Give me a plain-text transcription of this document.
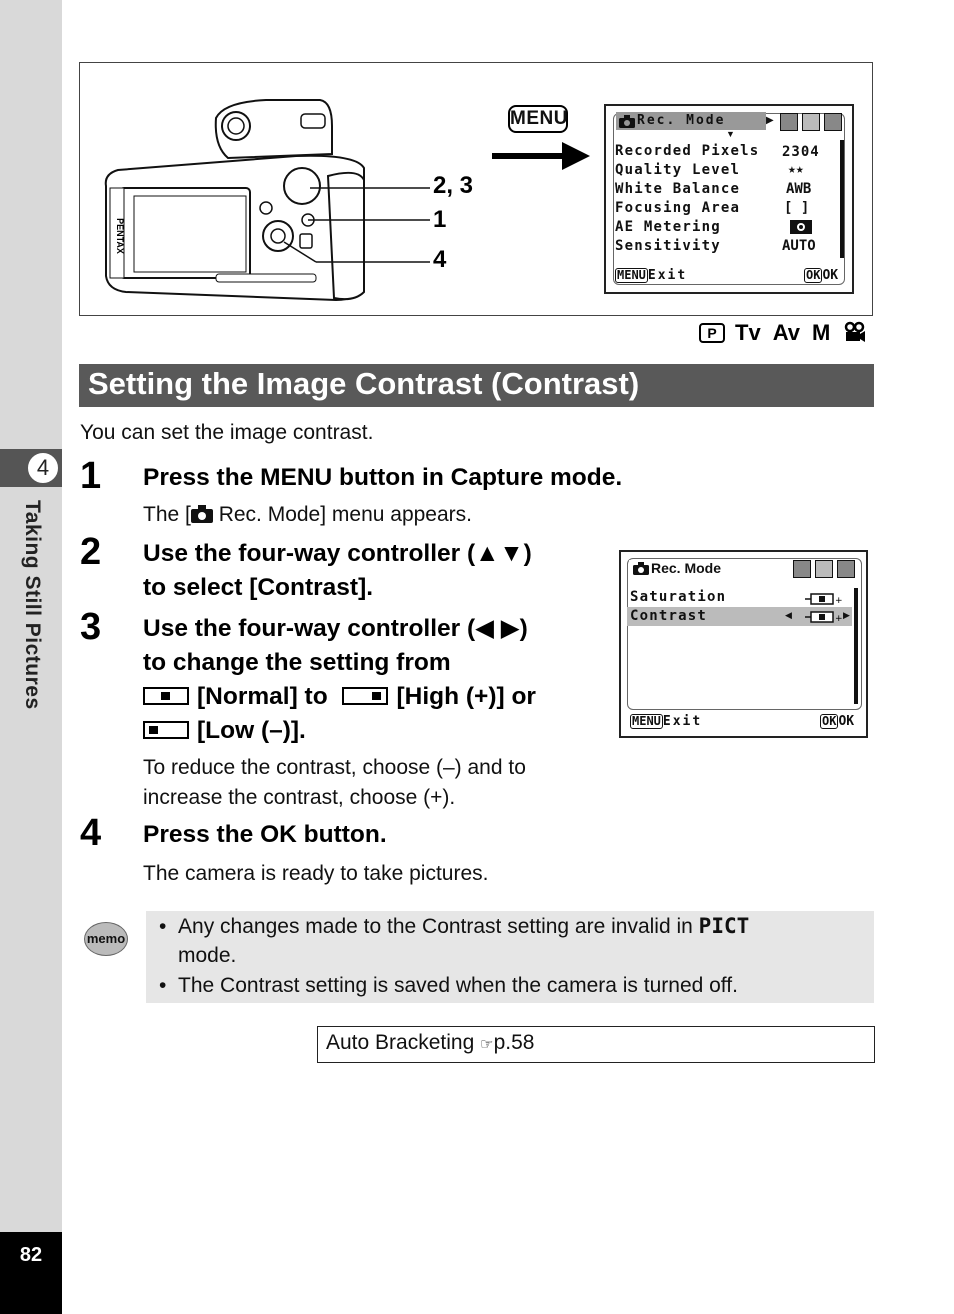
4
Taking Still Pictures
82
PENTAX
2, 3
1
4
MENU	Rec. Mode	▶
▼
Recorded Pixels 2304
Quality Level	★★
White Balance	AWB
Focusing Area	[ ]
AE Metering
Sensitivity	AUTO
MENU Exit	OK OK
P Tv Av M
Setting the Image Contrast (Contrast)
You can set the image contrast.
1 Press the MENU button in Capture mode.
The [ Rec. Mode] menu appears.
2 Use the four-way controller (▲▼)
to select [Contrast].
3 Use the four-way controller (◀ ▶)
to change the setting from
[Normal] to	[High (+)] or
[Low (–)].
To reduce the contrast, choose (–) and to
increase the contrast, choose (+).
Rec. Mode
Saturation	+
Contrast	◀	+ ▶
MENU Exit	OK OK
4 Press the OK button.
The camera is ready to take pictures.
memo
•  Any changes made to the Contrast setting are invalid in PICT
mode.
•  The Contrast setting is saved when the camera is turned off.
Auto Bracketing ☞p.58
